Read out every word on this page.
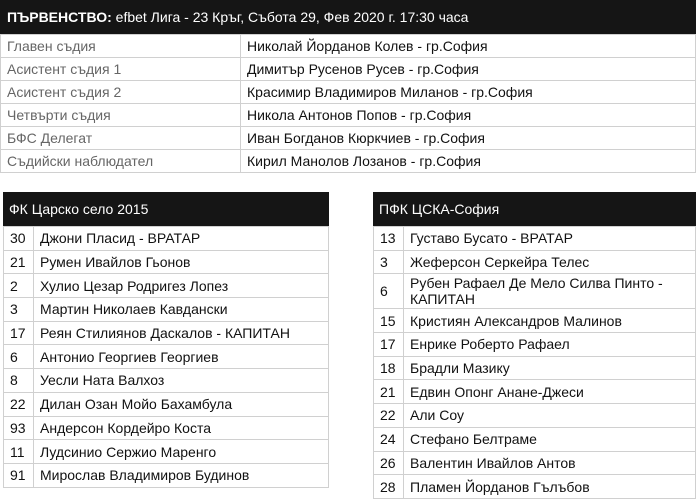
ПЪРВЕНСТВО: efbet Лига - 23 Кръг, Събота 29, Фев 2020 г. 17:30 часа
Главен съдия	Николай Йорданов Колев - гр.София
Асистент съдия 1	Димитър Русенов Русев - гр.София
Асистент съдия 2	Красимир Владимиров Миланов - гр.София
Четвърти съдия	Никола Антонов Попов - гр.София
БФС Делегат	Иван Богданов Кюркчиев - гр.София
Съдийски наблюдател	Кирил Манолов Лозанов - гр.София
ФК Царско село 2015
30	Джони Пласид - ВРАТАР
21	Румен Ивайлов Гьонов
2	Хулио Цезар Родригез Лопез
3	Мартин Николаев Кавдански
17	Реян Стилиянов Даскалов - КАПИТАН
6	Антонио Георгиев Георгиев
8	Уесли Ната Валхоз
22	Дилан Озан Мойо Бахамбула
93	Андерсон Кордейро Коста
11	Лудсинио Сержио Маренго
91	Мирослав Владимиров Будинов
ПФК ЦСКА-София
13	Густаво Бусато - ВРАТАР
3	Жеферсон Серкейра Телес
6	Рубен Рафаел Де Мело Силва Пинто - КАПИТАН
15	Кристиян Александров Малинов
17	Енрике Роберто Рафаел
18	Брадли Мазику
21	Едвин Опонг Анане-Джеси
22	Али Соу
24	Стефано Белтраме
26	Валентин Ивайлов Антов
28	Пламен Йорданов Гълъбов
